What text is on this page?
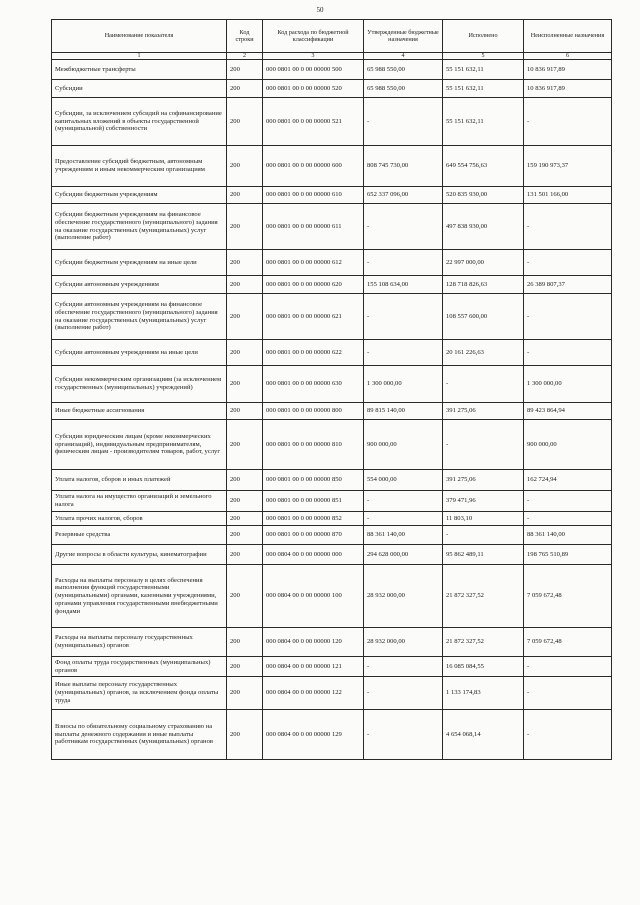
50
Наименование показателя	Код строки	Код расхода по бюджетной классификации	Утвержденные бюджетные назначения	Исполнено	Неисполненные назначения
1	2	3	4	5	6
Межбюджетные трансферты	200	000 0801 00 0 00 00000 500	65 988 550,00	55 151 632,11	10 836 917,89
Субсидии	200	000 0801 00 0 00 00000 520	65 988 550,00	55 151 632,11	10 836 917,89
Субсидии, за исключением субсидий на софинансирование капитальных вложений в объекты государственной (муниципальной) собственности	200	000 0801 00 0 00 00000 521	-	55 151 632,11	-
Предоставление субсидий бюджетным, автономным учреждениям и иным некоммерческим организациям	200	000 0801 00 0 00 00000 600	808 745 730,00	649 554 756,63	159 190 973,37
Субсидии бюджетным учреждениям	200	000 0801 00 0 00 00000 610	652 337 096,00	520 835 930,00	131 501 166,00
Субсидии бюджетным учреждениям на финансовое обеспечение государственного (муниципального) задания на оказание государственных (муниципальных) услуг (выполнение работ)	200	000 0801 00 0 00 00000 611	-	497 838 930,00	-
Субсидии бюджетным учреждениям на иные цели	200	000 0801 00 0 00 00000 612	-	22 997 000,00	-
Субсидии автономным учреждениям	200	000 0801 00 0 00 00000 620	155 108 634,00	128 718 826,63	26 389 807,37
Субсидии автономным учреждениям на финансовое обеспечение государственного (муниципального) задания на оказание государственных (муниципальных) услуг (выполнение работ)	200	000 0801 00 0 00 00000 621	-	108 557 600,00	-
Субсидии автономным учреждениям на иные цели	200	000 0801 00 0 00 00000 622	-	20 161 226,63	-
Субсидии некоммерческим организациям (за исключением государственных (муниципальных) учреждений)	200	000 0801 00 0 00 00000 630	1 300 000,00	-	1 300 000,00
Иные бюджетные ассигнования	200	000 0801 00 0 00 00000 800	89 815 140,00	391 275,06	89 423 864,94
Субсидии юридическим лицам (кроме некоммерческих организаций), индивидуальным предпринимателям, физическим лицам - производителям товаров, работ, услуг	200	000 0801 00 0 00 00000 810	900 000,00	-	900 000,00
Уплата налогов, сборов и иных платежей	200	000 0801 00 0 00 00000 850	554 000,00	391 275,06	162 724,94
Уплата налога на имущество организаций и земельного налога	200	000 0801 00 0 00 00000 851	-	379 471,96	-
Уплата прочих налогов, сборов	200	000 0801 00 0 00 00000 852	-	11 803,10	-
Резервные средства	200	000 0801 00 0 00 00000 870	88 361 140,00	-	88 361 140,00
Другие вопросы в области культуры, кинематографии	200	000 0804 00 0 00 00000 000	294 628 000,00	95 862 489,11	198 765 510,89
Расходы на выплаты персоналу в целях обеспечения выполнения функций государственными (муниципальными) органами, казенными учреждениями, органами управления государственными внебюджетными фондами	200	000 0804 00 0 00 00000 100	28 932 000,00	21 872 327,52	7 059 672,48
Расходы на выплаты персоналу государственных (муниципальных) органов	200	000 0804 00 0 00 00000 120	28 932 000,00	21 872 327,52	7 059 672,48
Фонд оплаты труда государственных (муниципальных) органов	200	000 0804 00 0 00 00000 121	-	16 085 084,55	-
Иные выплаты персоналу государственных (муниципальных) органов, за исключением фонда оплаты труда	200	000 0804 00 0 00 00000 122	-	1 133 174,83	-
Взносы по обязательному социальному страхованию на выплаты денежного содержания и иные выплаты работникам государственных (муниципальных) органов	200	000 0804 00 0 00 00000 129	-	4 654 068,14	-
